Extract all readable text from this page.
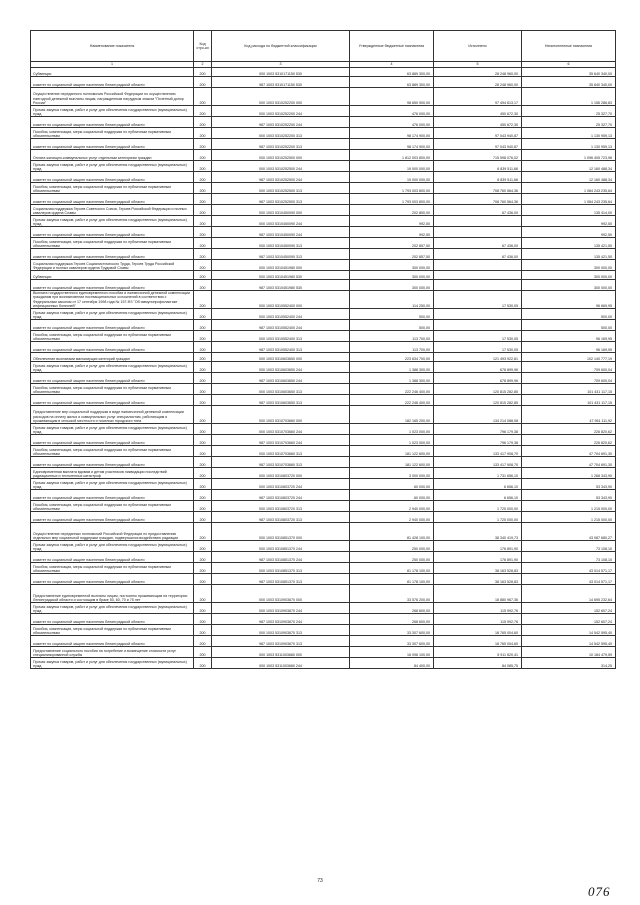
Наименование показателя	Код стро-ки	Код расхода по бюджетной классификации	Утвержденные бюджетные назначения	Исполнено	Неисполненные назначения
1	2	3	4	5	6
Субвенции	200	000 1003 5310171150 530	63 889 300,00	28 248 960,00	35 640 340,00
комитет по социальной защите населения Ленинградской области	200	987 1003 5310171150 530	63 889 300,00	28 248 960,00	35 640 340,00
Осуществление переданного полномочия Российской Федерации по осуществлению ежегодной денежной выплаты лицам, награжденным нагрудным знаком "Почетный донор России"	200	000 1003 5310252200 000	98 650 900,00	97 494 613,17	1 156 286,83
Прочая закупка товаров, работ и услуг для обеспечения государственных (муниципальных) нужд	200	000 1003 5310252200 244	476 000,00	450 672,30	25 327,70
комитет по социальной защите населения Ленинградской области	200	987 1003 5310252200 244	476 000,00	450 672,30	25 327,70
Пособия, компенсации, меры социальной поддержки по публичным нормативным обязательствам	200	000 1003 5310252200 313	98 174 900,00	97 043 940,87	1 130 959,13
комитет по социальной защите населения Ленинградской области	200	987 1003 5310252200 313	98 174 900,00	97 043 940,87	1 130 959,13
Оплата жилищно-коммунальных услуг отдельным категориям граждан	200	000 1003 5310252500 000	1 812 003 800,00	715 598 076,02	1 096 405 723,98
Прочая закупка товаров, работ и услуг для обеспечения государственных (муниципальных) нужд	200	000 1003 5310252500 244	19 000 000,00	6 839 511,66	12 160 488,34
комитет по социальной защите населения Ленинградской области	200	987 1003 5310252500 244	19 000 000,00	6 839 511,66	12 160 488,34
Пособия, компенсации, меры социальной поддержки по публичным нормативным обязательствам	200	000 1003 5310252500 313	1 793 003 800,00	708 760 564,36	1 084 243 235,64
комитет по социальной защите населения Ленинградской области	200	987 1003 5310252500 313	1 793 003 800,00	708 760 564,36	1 084 243 235,64
Социальная поддержка Героев Советского Союза, Героев Российской Федерации и полных кавалеров ордена Славы	200	000 1003 5310450090 000	202 850,00	67 436,00	135 414,00
Прочая закупка товаров, работ и услуг для обеспечения государственных (муниципальных) нужд	200	000 1003 5310450090 244	992,50		992,50
комитет по социальной защите населения Ленинградской области	200	987 1003 5310450090 244	992,50		992,50
Пособия, компенсации, меры социальной поддержки по публичным нормативным обязательствам	200	000 1003 5310450090 313	202 857,50	67 436,00	135 421,50
комитет по социальной защите населения Ленинградской области	200	987 1003 5310450090 313	202 857,50	67 436,00	135 421,50
Социальная поддержка Героев Социалистического Труда, Героев Труда Российской Федерации и полных кавалеров ордена Трудовой Славы	200	000 1003 5310451980 000	300 000,00		300 000,00
Субвенции	200	000 1003 5310451980 530	300 000,00		300 000,00
комитет по социальной защите населения Ленинградской области	200	987 1003 5310451980 530	300 000,00		300 000,00
Выплата государственного единовременного пособия и ежемесячной денежной компенсации гражданам при возникновении поствакцинальных осложнений в соответствии с Федеральным законом от 17 сентября 1998 года № 157-ФЗ "Об иммунопрофилактике инфекционных болезней"	200	000 1003 5310552400 000	114 250,00	17 530,05	96 669,95
Прочая закупка товаров, работ и услуг для обеспечения государственных (муниципальных) нужд	200	000 1003 5310552400 244	500,00		500,00
комитет по социальной защите населения Ленинградской области	200	987 1003 5310552400 244	500,00		500,00
Пособия, компенсации, меры социальной поддержки по публичным нормативным обязательствам	200	000 1003 5310552400 313	113 700,00	17 530,05	96 169,95
комитет по социальной защите населения Ленинградской области	200	987 1003 5310552400 313	113 700,00	17 530,05	96 169,95
Обеспечение выплатами малоимущих категорий граждан	200	000 1003 5310603650 000	223 634 700,00	121 493 922,81	102 140 777,19
Прочая закупка товаров, работ и услуг для обеспечения государственных (муниципальных) нужд	200	000 1003 5310603650 244	1 388 300,00	678 899,96	709 600,04
комитет по социальной защите населения Ленинградской области	200	987 1003 5310603650 244	1 388 300,00	678 899,96	709 600,04
Пособия, компенсации, меры социальной поддержки по публичным нормативным обязательствам	200	000 1003 5310603650 313	222 246 400,00	120 815 282,85	101 431 117,15
комитет по социальной защите населения Ленинградской области	200	987 1003 5310603650 313	222 246 400,00	120 815 282,85	101 431 117,15
Предоставление мер социальной поддержки в виде ежемесячной денежной компенсации расходов на оплату жилья и коммунальных услуг специалистам, работающим и проживающим в сельской местности и поселках городского типа	200	000 1003 5310703660 000	182 165 200,00	134 214 088,08	47 951 111,92
Прочая закупка товаров, работ и услуг для обеспечения государственных (муниципальных) нужд	200	000 1003 5310703660 244	1 023 000,00	796 179,38	226 820,62
комитет по социальной защите населения Ленинградской области	200	987 1003 5310703660 244	1 023 000,00	796 179,38	226 820,62
Пособия, компенсации, меры социальной поддержки по публичным нормативным обязательствам	200	000 1003 5310703660 313	181 122 600,00	133 417 908,70	47 704 691,30
комитет по социальной защите населения Ленинградской области	200	987 1003 5310703660 313	181 122 600,00	133 417 908,70	47 704 691,30
Единовременная выплата вдовам и детям участников ликвидации последствий радиационных и техногенных катастроф	200	000 1003 5310803720 000	3 000 000,00	1 731 656,10	1 268 343,90
Прочая закупка товаров, работ и услуг для обеспечения государственных (муниципальных) нужд	200	000 1003 5310803720 244	60 000,00	6 656,10	53 343,90
комитет по социальной защите населения Ленинградской области	200	987 1003 5310803720 244	60 000,00	6 656,10	53 343,90
Пособия, компенсации, меры социальной поддержки по публичным нормативным обязательствам	200	000 1003 5310803720 313	2 940 000,00	1 725 000,00	1 215 000,00
комитет по социальной защите населения Ленинградской области	200	987 1003 5310803720 313	2 940 000,00	1 725 000,00	1 215 000,00
Осуществление переданных полномочий Российской Федерации по предоставлению отдельных мер социальной поддержки граждан, подвергшихся воздействию радиации	200	000 1003 5310851370 000	81 428 100,00	38 340 419,73	43 087 680,27
Прочая закупка товаров, работ и услуг для обеспечения государственных (муниципальных) нужд	200	000 1003 5310851370 244	250 000,00	176 891,90	73 108,10
комитет по социальной защите населения Ленинградской области	200	987 1003 5310851370 244	250 000,00	176 891,90	73 108,10
Пособия, компенсации, меры социальной поддержки по публичным нормативным обязательствам	200	000 1003 5310851370 313	81 178 100,00	38 163 528,83	43 014 571,17
комитет по социальной защите населения Ленинградской области	200	987 1003 5310851370 313	81 178 100,00	38 163 528,83	43 014 571,17
Предоставление единовременной выплаты лицам, постоянно проживающим на территории Ленинградской области и состоящим в браке 50, 60, 70 и 75 лет	200	000 1003 5310903670 000	33 576 200,00	18 880 967,36	14 695 232,64
Прочая закупка товаров, работ и услуг для обеспечения государственных (муниципальных) нужд	200	000 1003 5310903670 244	268 600,00	115 992,76	152 607,24
комитет по социальной защите населения Ленинградской области	200	987 1003 5310903670 244	268 600,00	115 992,76	152 607,24
Пособия, компенсации, меры социальной поддержки по публичным нормативным обязательствам	200	000 1003 5310903670 313	33 307 600,00	18 765 004,60	14 542 595,40
комитет по социальной защите населения Ленинградской области	200	987 1003 5310903670 313	33 307 600,00	18 765 004,60	14 542 595,40
Предоставление социального пособия на погребение и возмещение стоимости услуг специализированной службы	200	000 1003 5311003680 000	16 096 100,00	5 911 620,41	10 184 479,59
Прочая закупка товаров, работ и услуг для обеспечения государственных (муниципальных) нужд	200	000 1003 5311003680 244	84 400,00	84 085,75	314,25
73
076
